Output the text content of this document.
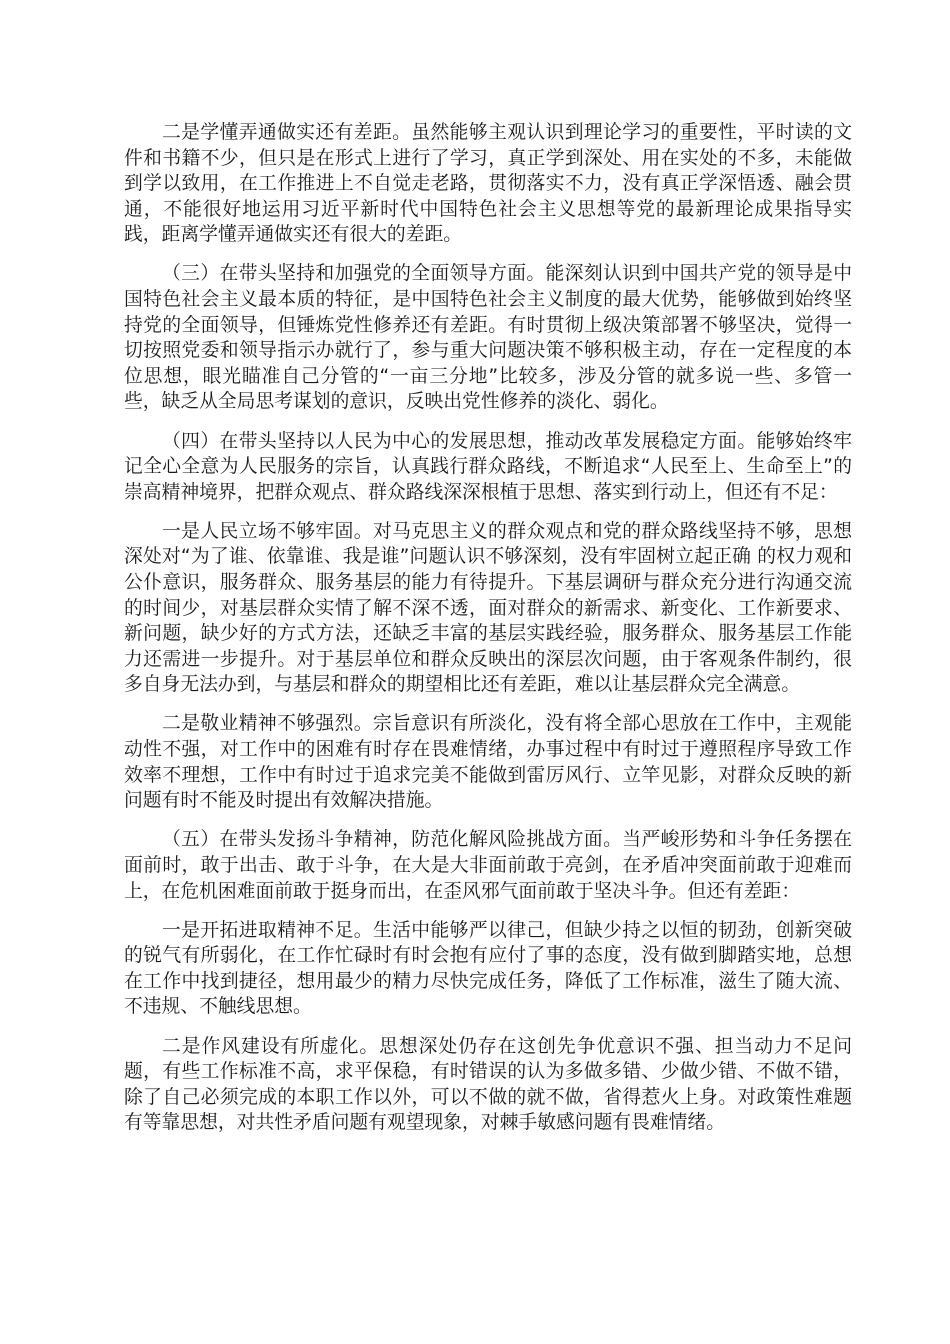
二是学懂弄通做实还有差距。虽然能够主观认识到理论学习的重要性，平时读的文件和书籍不少，但只是在形式上进行了学习，真正学到深处、用在实处的不多，未能做到学以致用，在工作推进上不自觉走老路，贯彻落实不力，没有真正学深悟透、融会贯通，不能很好地运用习近平新时代中国特色社会主义思想等党的最新理论成果指导实践，距离学懂弄通做实还有很大的差距。

（三）在带头坚持和加强党的全面领导方面。能深刻认识到中国共产党的领导是中国特色社会主义最本质的特征，是中国特色社会主义制度的最大优势，能够做到始终坚持党的全面领导，但锤炼党性修养还有差距。有时贯彻上级决策部署不够坚决，觉得一切按照党委和领导指示办就行了，参与重大问题决策不够积极主动，存在一定程度的本位思想，眼光瞄准自己分管的“一亩三分地”比较多，涉及分管的就多说一些、多管一些，缺乏从全局思考谋划的意识，反映出党性修养的淡化、弱化。

（四）在带头坚持以人民为中心的发展思想，推动改革发展稳定方面。能够始终牢记全心全意为人民服务的宗旨，认真践行群众路线，不断追求“人民至上、生命至上”的崇高精神境界，把群众观点、群众路线深深根植于思想、落实到行动上，但还有不足：

一是人民立场不够牢固。对马克思主义的群众观点和党的群众路线坚持不够，思想深处对“为了谁、依靠谁、我是谁”问题认识不够深刻，没有牢固树立起正确 的权力观和公仆意识，服务群众、服务基层的能力有待提升。下基层调研与群众充分进行沟通交流的时间少，对基层群众实情了解不深不透，面对群众的新需求、新变化、工作新要求、新问题，缺少好的方式方法，还缺乏丰富的基层实践经验，服务群众、服务基层工作能力还需进一步提升。对于基层单位和群众反映出的深层次问题，由于客观条件制约，很多自身无法办到，与基层和群众的期望相比还有差距，难以让基层群众完全满意。

二是敬业精神不够强烈。宗旨意识有所淡化，没有将全部心思放在工作中，主观能动性不强，对工作中的困难有时存在畏难情绪，办事过程中有时过于遵照程序导致工作效率不理想，工作中有时过于追求完美不能做到雷厉风行、立竿见影，对群众反映的新问题有时不能及时提出有效解决措施。

（五）在带头发扬斗争精神，防范化解风险挑战方面。当严峻形势和斗争任务摆在面前时，敢于出击、敢于斗争，在大是大非面前敢于亮剑，在矛盾冲突面前敢于迎难而上，在危机困难面前敢于挺身而出，在歪风邪气面前敢于坚决斗争。但还有差距：

一是开拓进取精神不足。生活中能够严以律己，但缺少持之以恒的韧劲，创新突破的锐气有所弱化，在工作忙碌时有时会抱有应付了事的态度，没有做到脚踏实地，总想在工作中找到捷径，想用最少的精力尽快完成任务，降低了工作标准，滋生了随大流、不违规、不触线思想。

二是作风建设有所虚化。思想深处仍存在这创先争优意识不强、担当动力不足问题，有些工作标准不高，求平保稳，有时错误的认为多做多错、少做少错、不做不错，除了自己必须完成的本职工作以外，可以不做的就不做，省得惹火上身。对政策性难题有等靠思想，对共性矛盾问题有观望现象，对棘手敏感问题有畏难情绪。
